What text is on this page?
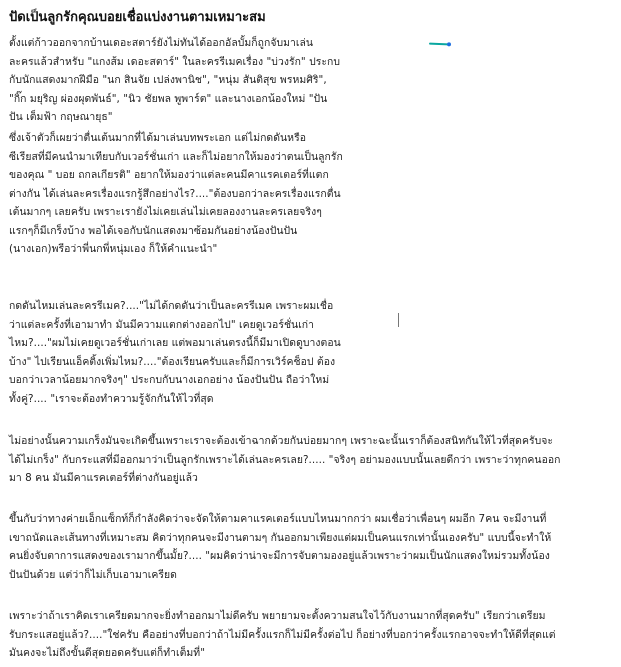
ปัดเป็นลูกรักคุณบอยเชื่อแบ่งงานตามเหมาะสม
ตั้งแต่ก้าวออกจากบ้านเดอะสตาร์ยังไม่ทันได้ออกอัลบั้มก็ถูกจับมาเล่น
ละครแล้วสำหรับ "แกงส้ม เดอะสตาร์" ในละครรีเมคเรื่อง "บ่วงรัก" ประกบ
กับนักแสดงมากฝีมือ "นก สินจัย เปล่งพานิช", "หนุ่ม สันติสุข พรหมศิริ",
"กิ๊ก มยุริญ ผ่องผุดพันธ์", "นิว ชัยพล พูพาร์ต" และนางเอกน้องใหม่ "ปัน
ปัน เต็มฟ้า กฤษณายุธ"
ซึ่งเจ้าตัวก็เผยว่าตื่นเต้นมากที่ได้มาเล่นบทพระเอก แต่ไม่กดดันหรือ
ซีเรียสที่มีคนนำมาเทียบกับเวอร์ชั่นเก่า และก็ไม่อยากให้มองว่าตนเป็นลูกรัก
ของคุณ " บอย ถกลเกียรติ" อยากให้มองว่าแต่ละคนมีคาแรคเตอร์ที่แตก
ต่างกัน ได้เล่นละครเรื่องแรกรู้สึกอย่างไร?...."ต้องบอกว่าละครเรื่องแรกตื่น
เต้นมากๆ เลยครับ เพราะเรายังไม่เคยเล่นไม่เคยลองงานละครเลยจริงๆ
แรกๆก็มีเกร็งบ้าง พอได้เจอกับนักแสดงมาซ้อมกันอย่างน้องปันปัน
(นางเอก)พรีอว่าพี่นกพี่หนุ่มเอง ก็ให้คำแนะนำ"
กดดันไหมเล่นละครรีเมค?...."ไม่ได้กดดันว่าเป็นละครรีเมค เพราะผมเชื่อ
ว่าแต่ละครั้งที่เอามาทำ มันมีความแตกต่างออกไป" เคยดูเวอร์ชั่นเก่า
ไหม?...."ผมไม่เคยดูเวอร์ชั่นเก่าเลย แต่พอมาเล่นตรงนี้ก็มีมาเปิดดูบางตอน
บ้าง" ไปเรียนแอ็คติ้งเพิ่มไหม?...."ต้องเรียนครับและก็มีการเวิร์คช็อป ต้อง
บอกว่าเวลาน้อยมากจริงๆ" ประกบกับนางเอกอย่าง น้องปันปัน ถือว่าใหม่
ทั้งคู่?.... "เราจะต้องทำความรู้จักกันให้ไวที่สุด
ไม่อย่างนั้นความเกร็งมันจะเกิดขึ้นเพราะเราจะต้องเข้าฉากด้วยกันบ่อยมากๆ เพราะฉะนั้นเราก็ต้องสนิทกันให้ไวที่สุดครับจะ
ได้ไม่เกร็ง" กับกระแสที่มีออกมาว่าเป็นลูกรักเพราะได้เล่นละครเลย?..... "จริงๆ อย่ามองแบบนั้นเลยดีกว่า เพราะว่าทุกคนออก
มา 8 คน มันมีคาแรคเตอร์ที่ต่างกันอยู่แล้ว
ขึ้นกับว่าทางค่ายเอ็กแซ็กท์ก็กำลังคิดว่าจะจัดให้ตามคาแรคเตอร์แบบไหนมากกว่า ผมเชื่อว่าเพื่อนๆ ผมอีก 7คน จะมีงานที่
เขาถนัดและเส้นทางที่เหมาะสม คิดว่าทุกคนจะมีงานตามๆ กันออกมาเพียงแต่ผมเป็นคนแรกเท่านั้นเองครับ" แบบนี้จะทำให้
คนยิ่งจับตาการแสดงของเรามากขึ้นมั้ย?.... "ผมคิดว่าน่าจะมีการจับตามองอยู่แล้วเพราะว่าผมเป็นนักแสดงใหม่รวมทั้งน้อง
ปันปันด้วย แต่ว่าก็ไม่เก็บเอามาเครียด
เพราะว่าถ้าเราคิดเราเครียดมากจะยิ่งทำออกมาไม่ดีครับ พยายามจะตั้งความสนใจไว้กับงานมากที่สุดครับ" เรียกว่าเตรียม
รับกระแสอยู่แล้ว?...."ใช่ครับ คืออย่างที่บอกว่าถ้าไม่มีครั้งแรกก็ไม่มีครั้งต่อไป ก็อย่างที่บอกว่าครั้งแรกอาจจะทำให้ดีที่สุดแต่
มันคงจะไม่ถึงขั้นดีสุดยอดครับแต่ก็ทำเต็มที่"
